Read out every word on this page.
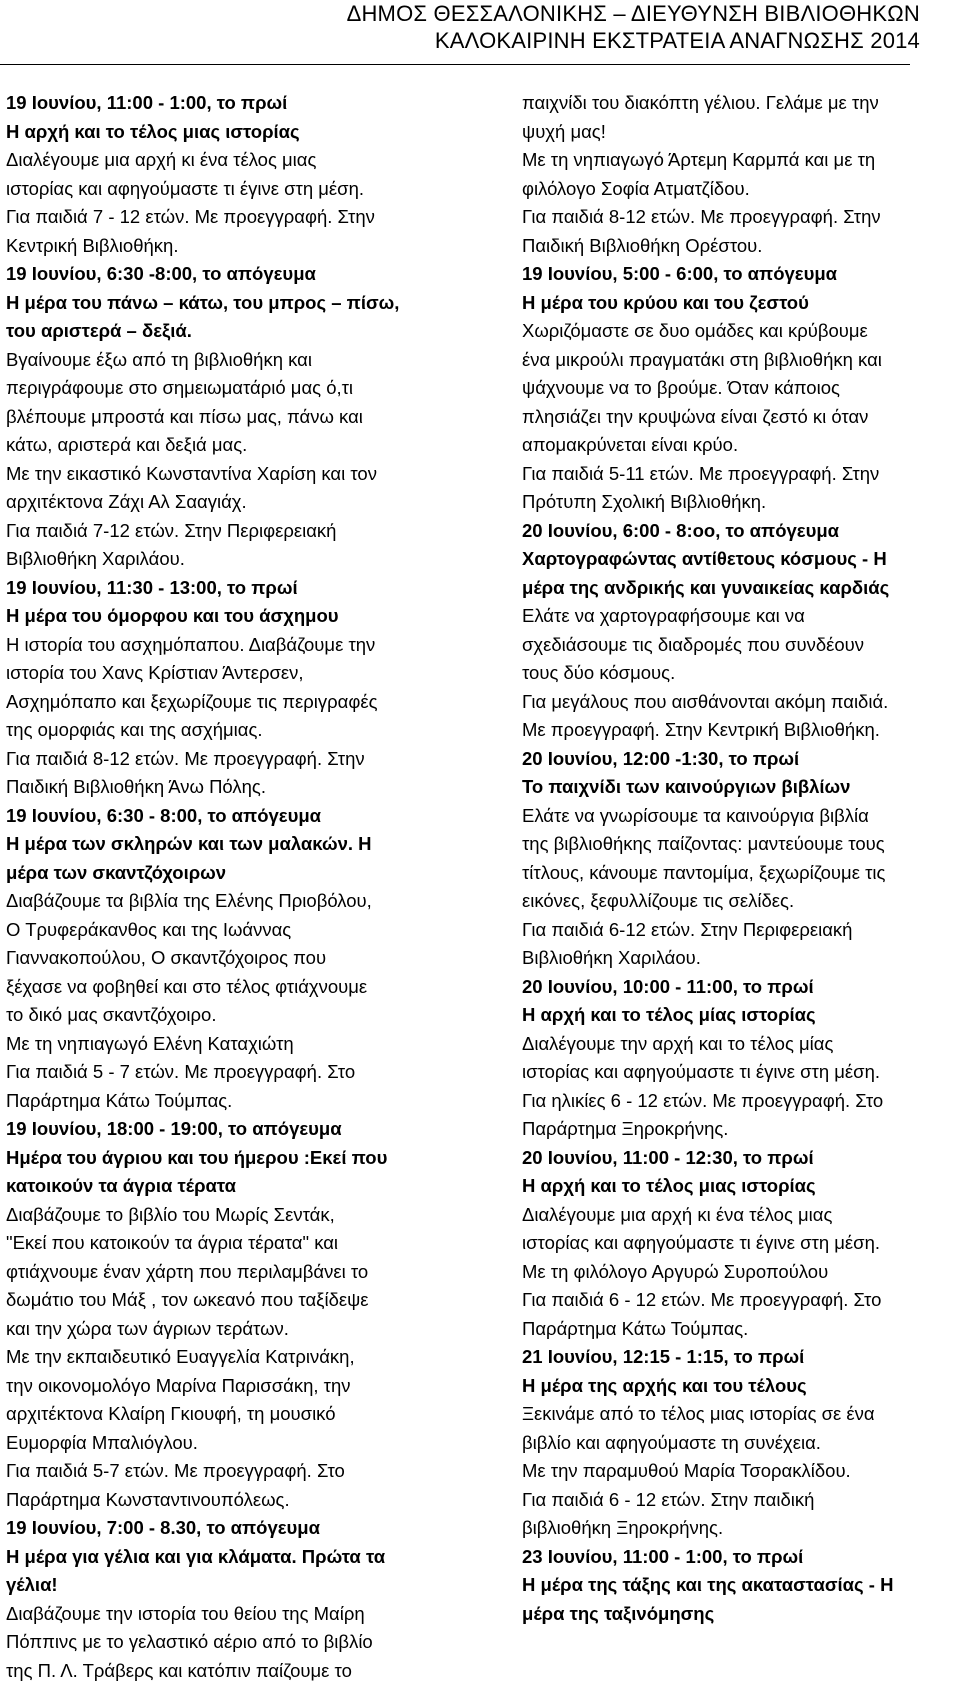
ΔΗΜΟΣ ΘΕΣΣΑΛΟΝΙΚΗΣ – ΔΙΕΥΘΥΝΣΗ ΒΙΒΛΙΟΘΗΚΩΝ
ΚΑΛΟΚΑΙΡΙΝΗ ΕΚΣΤΡΑΤΕΙΑ ΑΝΑΓΝΩΣΗΣ 2014
19 Ιουνίου, 11:00 - 1:00, το πρωί
Η αρχή και το τέλος μιας ιστορίας
Διαλέγουμε μια αρχή κι ένα τέλος μιας
ιστορίας και αφηγούμαστε τι έγινε στη μέση.
Για παιδιά 7 - 12 ετών. Με προεγγραφή. Στην
Κεντρική Βιβλιοθήκη.
19 Ιουνίου, 6:30 -8:00, το απόγευμα
Η μέρα του πάνω – κάτω, του μπρος – πίσω,
του αριστερά – δεξιά.
Βγαίνουμε έξω από τη βιβλιοθήκη και
περιγράφουμε στο σημειωματάριό μας ό,τι
βλέπουμε μπροστά και πίσω μας, πάνω και
κάτω, αριστερά και δεξιά μας.
Με την εικαστικό Κωνσταντίνα Χαρίση και τον
αρχιτέκτονα Ζάχι Αλ Σααγιάχ.
Για παιδιά 7-12 ετών. Στην Περιφερειακή
Βιβλιοθήκη Χαριλάου.
19 Ιουνίου, 11:30 - 13:00, το πρωί
Η μέρα του όμορφου και του άσχημου
Η ιστορία του ασχημόπαπου. Διαβάζουμε την
ιστορία του Χανς Κρίστιαν Άντερσεν,
Ασχημόπαπο και ξεχωρίζουμε τις περιγραφές
της ομορφιάς και της ασχήμιας.
Για παιδιά 8-12 ετών. Με προεγγραφή. Στην
Παιδική Βιβλιοθήκη Άνω Πόλης.
19 Ιουνίου, 6:30 - 8:00, το απόγευμα
Η μέρα των σκληρών και των μαλακών. Η
μέρα των σκαντζόχοιρων
Διαβάζουμε τα βιβλία της Ελένης Πριοβόλου,
Ο Τρυφεράκανθος και της Ιωάννας
Γιαννακοπούλου, Ο σκαντζόχοιρος που
ξέχασε να φοβηθεί και στο τέλος φτιάχνουμε
το δικό μας σκαντζόχοιρο.
Με τη νηπιαγωγό Ελένη Καταχιώτη
Για παιδιά 5 - 7 ετών. Με προεγγραφή. Στο
Παράρτημα Κάτω Τούμπας.
19 Ιουνίου, 18:00 - 19:00, το απόγευμα
Ημέρα του άγριου και του ήμερου :Εκεί που
κατοικούν τα άγρια τέρατα
Διαβάζουμε το βιβλίο του Μωρίς Σεντάκ,
"Εκεί που κατοικούν τα άγρια τέρατα" και
φτιάχνουμε έναν χάρτη που περιλαμβάνει το
δωμάτιο του Μάξ , τον ωκεανό που ταξίδεψε
και την χώρα των άγριων τεράτων.
Με την εκπαιδευτικό Ευαγγελία Κατρινάκη,
την οικονομολόγο Μαρίνα Παρισσάκη, την
αρχιτέκτονα Κλαίρη Γκιουφή, τη μουσικό
Ευμορφία Μπαλιόγλου.
Για παιδιά 5-7 ετών. Με προεγγραφή. Στο
Παράρτημα Κωνσταντινουπόλεως.
19 Ιουνίου, 7:00 - 8.30, το απόγευμα
Η μέρα για γέλια και για κλάματα. Πρώτα τα
γέλια!
Διαβάζουμε την ιστορία του θείου της Μαίρη
Πόππινς με το γελαστικό αέριο από το βιβλίο
της Π. Λ. Τράβερς και κατόπιν παίζουμε το
παιχνίδι του διακόπτη γέλιου. Γελάμε με την
ψυχή μας!
Με τη νηπιαγωγό Άρτεμη Καρμπά και με τη
φιλόλογο Σοφία Ατματζίδου.
Για παιδιά 8-12 ετών. Με προεγγραφή. Στην
Παιδική Βιβλιοθήκη Ορέστου.
19 Ιουνίου, 5:00 - 6:00, το απόγευμα
Η μέρα του κρύου και του ζεστού
Χωριζόμαστε σε δυο ομάδες και κρύβουμε
ένα μικρούλι πραγματάκι στη βιβλιοθήκη και
ψάχνουμε να το βρούμε. Όταν κάποιος
πλησιάζει την κρυψώνα είναι ζεστό κι όταν
απομακρύνεται είναι κρύο.
Για παιδιά 5-11 ετών. Με προεγγραφή. Στην
Πρότυπη Σχολική Βιβλιοθήκη.
20 Ιουνίου, 6:00 - 8:οο, το απόγευμα
Χαρτογραφώντας αντίθετους κόσμους - Η
μέρα της ανδρικής και γυναικείας καρδιάς
Ελάτε να χαρτογραφήσουμε και να
σχεδιάσουμε τις διαδρομές που συνδέουν
τους δύο κόσμους.
Για μεγάλους που αισθάνονται ακόμη παιδιά.
Με προεγγραφή. Στην Κεντρική Βιβλιοθήκη.
20 Ιουνίου, 12:00 -1:30, το πρωί
Το παιχνίδι των καινούργιων βιβλίων
Ελάτε να γνωρίσουμε τα καινούργια βιβλία
της βιβλιοθήκης παίζοντας: μαντεύουμε τους
τίτλους, κάνουμε παντομίμα, ξεχωρίζουμε τις
εικόνες, ξεφυλλίζουμε τις σελίδες.
Για παιδιά 6-12 ετών. Στην Περιφερειακή
Βιβλιοθήκη Χαριλάου.
20 Ιουνίου, 10:00 - 11:00, το πρωί
Η αρχή και το τέλος μίας ιστορίας
Διαλέγουμε την αρχή και το τέλος μίας
ιστορίας και αφηγούμαστε τι έγινε στη μέση.
Για ηλικίες 6 - 12 ετών. Με προεγγραφή. Στο
Παράρτημα Ξηροκρήνης.
20 Ιουνίου, 11:00 - 12:30, το πρωί
Η αρχή και το τέλος μιας ιστορίας
Διαλέγουμε μια αρχή κι ένα τέλος μιας
ιστορίας και αφηγούμαστε τι έγινε στη μέση.
Με τη φιλόλογο Αργυρώ Συροπούλου
Για παιδιά 6 - 12 ετών. Με προεγγραφή. Στο
Παράρτημα Κάτω Τούμπας.
21 Ιουνίου, 12:15 - 1:15, το πρωί
Η μέρα της αρχής και του τέλους
Ξεκινάμε από το τέλος μιας ιστορίας σε ένα
βιβλίο και αφηγούμαστε τη συνέχεια.
Με την παραμυθού Μαρία Τσορακλίδου.
Για παιδιά 6 - 12 ετών. Στην παιδική
βιβλιοθήκη Ξηροκρήνης.
23 Ιουνίου, 11:00 - 1:00, το πρωί
Η μέρα της τάξης και της ακαταστασίας - Η
μέρα της ταξινόμησης
